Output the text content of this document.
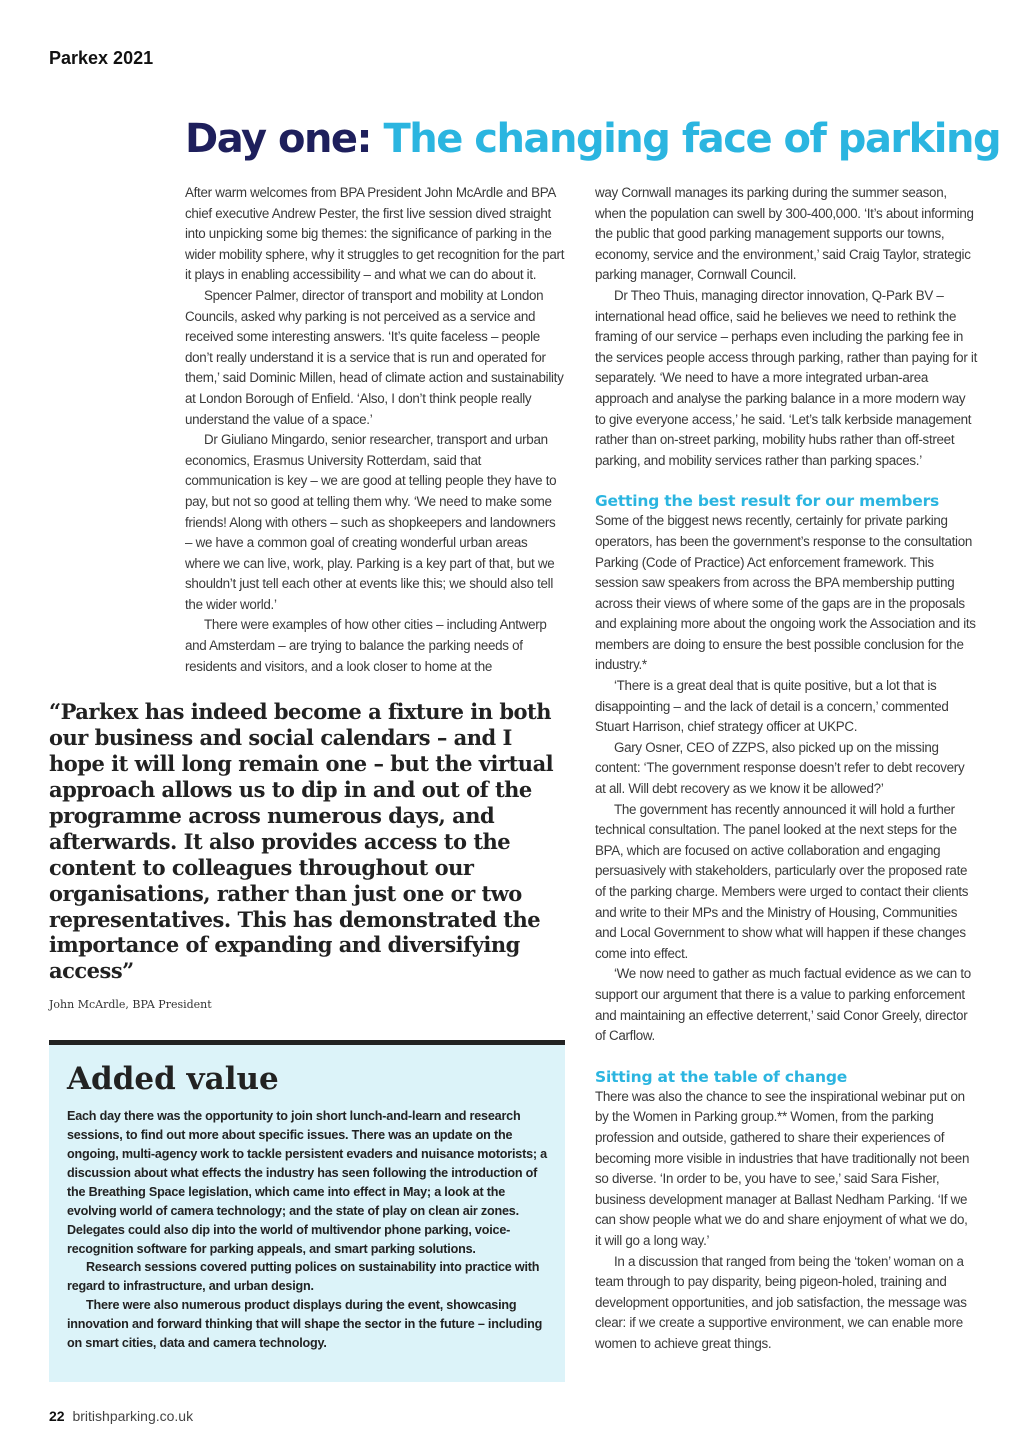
Parkex 2021
Day one: The changing face of parking

After warm welcomes from BPA President John McArdle and BPA chief executive Andrew Pester, the first live session dived straight into unpicking some big themes: the significance of parking in the wider mobility sphere, why it struggles to get recognition for the part it plays in enabling accessibility – and what we can do about it.

Spencer Palmer, director of transport and mobility at London Councils, asked why parking is not perceived as a service and received some interesting answers. ‘It’s quite faceless – people don’t really understand it is a service that is run and operated for them,’ said Dominic Millen, head of climate action and sustainability at London Borough of Enfield. ‘Also, I don’t think people really understand the value of a space.’

Dr Giuliano Mingardo, senior researcher, transport and urban economics, Erasmus University Rotterdam, said that communication is key – we are good at telling people they have to pay, but not so good at telling them why. ‘We need to make some friends! Along with others – such as shopkeepers and landowners – we have a common goal of creating wonderful urban areas where we can live, work, play. Parking is a key part of that, but we shouldn’t just tell each other at events like this; we should also tell the wider world.’

There were examples of how other cities – including Antwerp and Amsterdam – are trying to balance the parking needs of residents and visitors, and a look closer to home at the

“Parkex has indeed become a fixture in both our business and social calendars – and I hope it will long remain one – but the virtual approach allows us to dip in and out of the programme across numerous days, and afterwards. It also provides access to the content to colleagues throughout our organisations, rather than just one or two representatives. This has demonstrated the importance of expanding and diversifying access”
John McArdle, BPA President
Added value

Each day there was the opportunity to join short lunch-and-learn and research sessions, to find out more about specific issues. There was an update on the ongoing, multi-agency work to tackle persistent evaders and nuisance motorists; a discussion about what effects the industry has seen following the introduction of the Breathing Space legislation, which came into effect in May; a look at the evolving world of camera technology; and the state of play on clean air zones. Delegates could also dip into the world of multivendor phone parking, voice-recognition software for parking appeals, and smart parking solutions.

Research sessions covered putting polices on sustainability into practice with regard to infrastructure, and urban design.

There were also numerous product displays during the event, showcasing innovation and forward thinking that will shape the sector in the future – including on smart cities, data and camera technology.

22 britishparking.co.uk

way Cornwall manages its parking during the summer season, when the population can swell by 300-400,000. ‘It’s about informing the public that good parking management supports our towns, economy, service and the environment,’ said Craig Taylor, strategic parking manager, Cornwall Council.

Dr Theo Thuis, managing director innovation, Q-Park BV – international head office, said he believes we need to rethink the framing of our service – perhaps even including the parking fee in the services people access through parking, rather than paying for it separately. ‘We need to have a more integrated urban-area approach and analyse the parking balance in a more modern way to give everyone access,’ he said. ‘Let’s talk kerbside management rather than on-street parking, mobility hubs rather than off-street parking, and mobility services rather than parking spaces.’

Getting the best result for our members

Some of the biggest news recently, certainly for private parking operators, has been the government’s response to the consultation Parking (Code of Practice) Act enforcement framework. This session saw speakers from across the BPA membership putting across their views of where some of the gaps are in the proposals and explaining more about the ongoing work the Association and its members are doing to ensure the best possible conclusion for the industry.*

‘There is a great deal that is quite positive, but a lot that is disappointing – and the lack of detail is a concern,’ commented Stuart Harrison, chief strategy officer at UKPC.

Gary Osner, CEO of ZZPS, also picked up on the missing content: ‘The government response doesn’t refer to debt recovery at all. Will debt recovery as we know it be allowed?’

The government has recently announced it will hold a further technical consultation. The panel looked at the next steps for the BPA, which are focused on active collaboration and engaging persuasively with stakeholders, particularly over the proposed rate of the parking charge. Members were urged to contact their clients and write to their MPs and the Ministry of Housing, Communities and Local Government to show what will happen if these changes come into effect.

‘We now need to gather as much factual evidence as we can to support our argument that there is a value to parking enforcement and maintaining an effective deterrent,’ said Conor Greely, director of Carflow.

Sitting at the table of change

There was also the chance to see the inspirational webinar put on by the Women in Parking group.** Women, from the parking profession and outside, gathered to share their experiences of becoming more visible in industries that have traditionally not been so diverse. ‘In order to be, you have to see,’ said Sara Fisher, business development manager at Ballast Nedham Parking. ‘If we can show people what we do and share enjoyment of what we do, it will go a long way.’

In a discussion that ranged from being the ‘token’ woman on a team through to pay disparity, being pigeon-holed, training and development opportunities, and job satisfaction, the message was clear: if we create a supportive environment, we can enable more women to achieve great things.
